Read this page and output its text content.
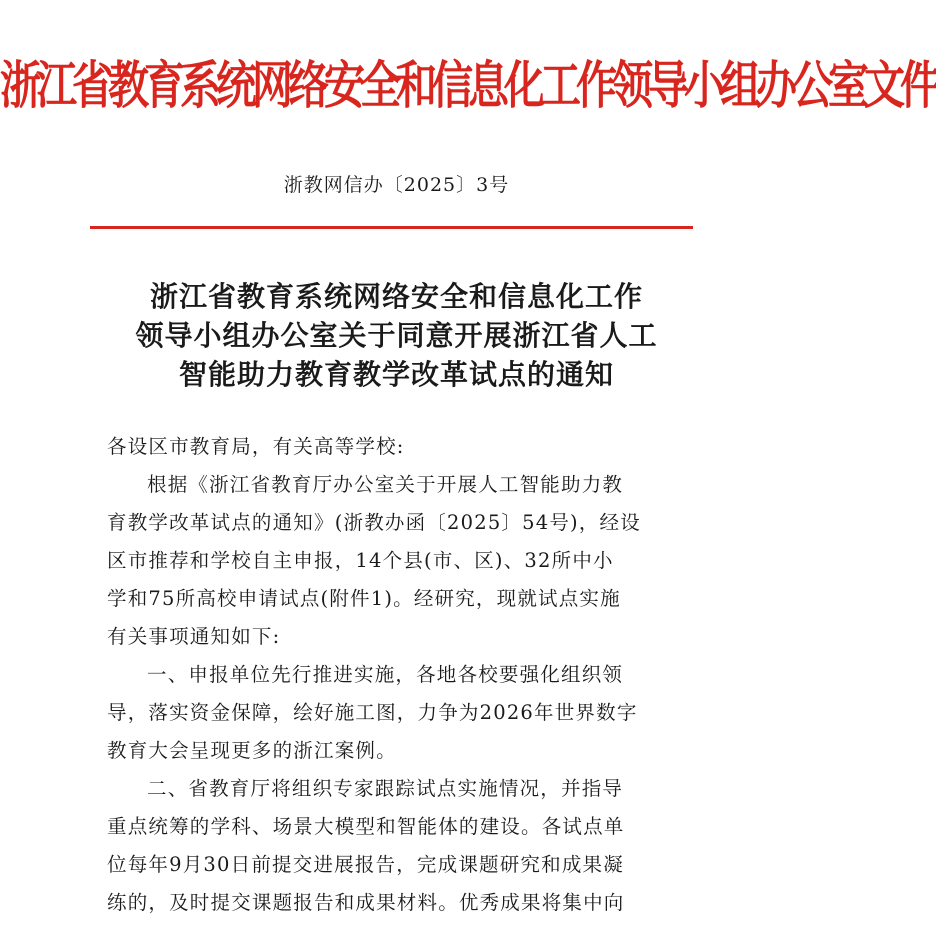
浙江省教育系统网络安全和信息化工作领导小组办公室文件
浙教网信办〔2025〕3号
浙江省教育系统网络安全和信息化工作
领导小组办公室关于同意开展浙江省人工
智能助力教育教学改革试点的通知
各设区市教育局，有关高等学校:
根据《浙江省教育厅办公室关于开展人工智能助力教
育教学改革试点的通知》(浙教办函〔2025〕54号)，经设
区市推荐和学校自主申报，14个县(市、区)、32所中小
学和75所高校申请试点(附件1)。经研究，现就试点实施
有关事项通知如下:
一、申报单位先行推进实施，各地各校要强化组织领
导，落实资金保障，绘好施工图，力争为2026年世界数字
教育大会呈现更多的浙江案例。
二、省教育厅将组织专家跟踪试点实施情况，并指导
重点统筹的学科、场景大模型和智能体的建设。各试点单
位每年9月30日前提交进展报告，完成课题研究和成果凝
练的，及时提交课题报告和成果材料。优秀成果将集中向
